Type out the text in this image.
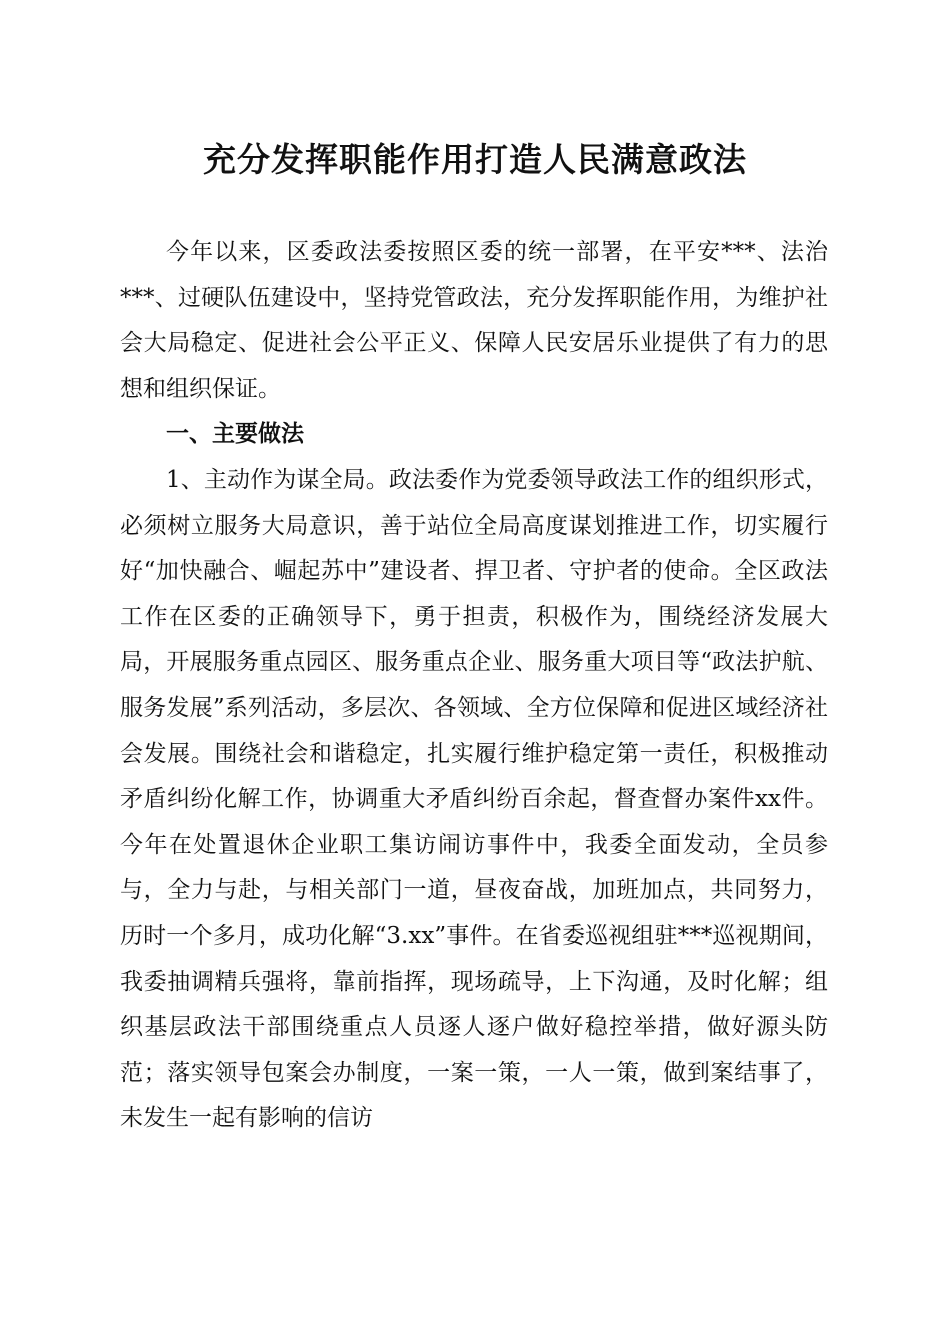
充分发挥职能作用打造人民满意政法

今年以来，区委政法委按照区委的统一部署，在平安***、法治***、过硬队伍建设中，坚持党管政法，充分发挥职能作用，为维护社会大局稳定、促进社会公平正义、保障人民安居乐业提供了有力的思想和组织保证。

一、主要做法

1、主动作为谋全局。政法委作为党委领导政法工作的组织形式，必须树立服务大局意识，善于站位全局高度谋划推进工作，切实履行好“加快融合、崛起苏中”建设者、捍卫者、守护者的使命。全区政法工作在区委的正确领导下，勇于担责，积极作为，围绕经济发展大局，开展服务重点园区、服务重点企业、服务重大项目等“政法护航、服务发展”系列活动，多层次、各领域、全方位保障和促进区域经济社会发展。围绕社会和谐稳定，扎实履行维护稳定第一责任，积极推动矛盾纠纷化解工作，协调重大矛盾纠纷百余起，督查督办案件xx件。今年在处置退休企业职工集访闹访事件中，我委全面发动，全员参与，全力与赴，与相关部门一道，昼夜奋战，加班加点，共同努力，历时一个多月，成功化解“3.xx”事件。在省委巡视组驻***巡视期间，我委抽调精兵强将，靠前指挥，现场疏导，上下沟通，及时化解；组织基层政法干部围绕重点人员逐人逐户做好稳控举措，做好源头防范；落实领导包案会办制度，一案一策，一人一策，做到案结事了，未发生一起有影响的信访
